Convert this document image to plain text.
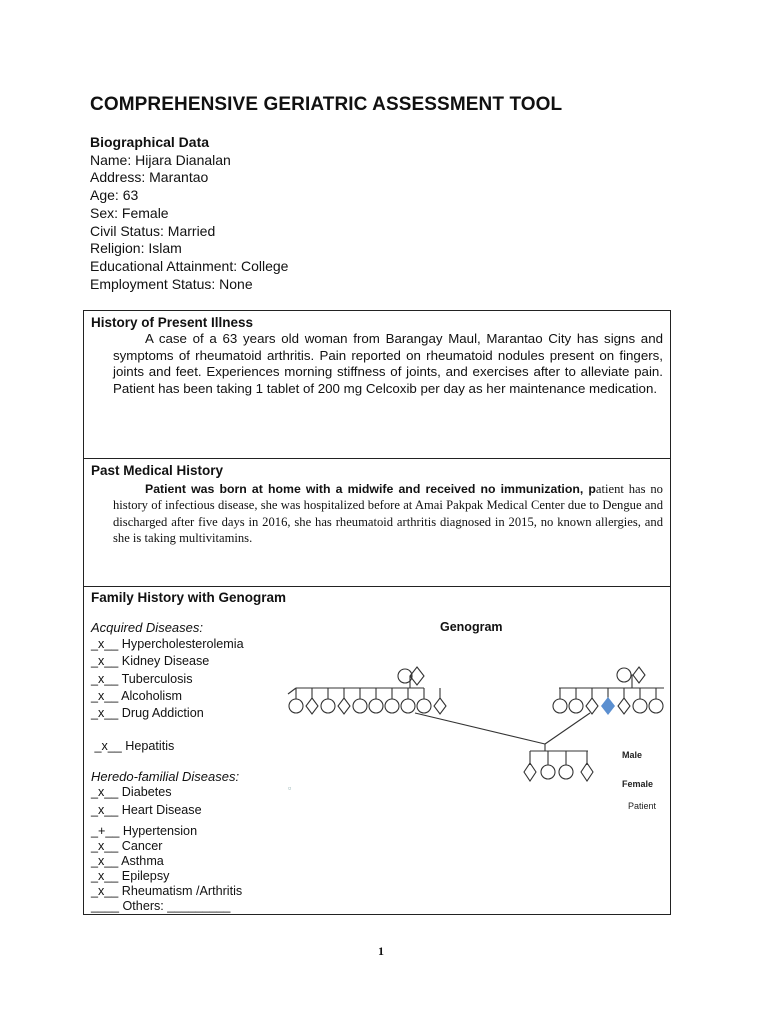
COMPREHENSIVE GERIATRIC ASSESSMENT TOOL
Biographical Data
Name: Hijara Dianalan
Address: Marantao
Age: 63
Sex: Female
Civil Status: Married
Religion: Islam
Educational Attainment: College
Employment Status: None
History of Present Illness
A case of a 63 years old woman from Barangay Maul, Marantao City has signs and symptoms of rheumatoid arthritis. Pain reported on rheumatoid nodules present on fingers, joints and feet. Experiences morning stiffness of joints, and exercises after to alleviate pain. Patient has been taking 1 tablet of 200 mg Celcoxib per day as her maintenance medication.
Past Medical History
Patient was born at home with a midwife and received no immunization, patient has no history of infectious disease, she was hospitalized before at Amai Pakpak Medical Center due to Dengue and discharged after five days in 2016, she has rheumatoid arthritis diagnosed in 2015, no known allergies, and she is taking multivitamins.
Family History with Genogram
Acquired Diseases:
_x__ Hypercholesterolemia
_x__ Kidney Disease
_x__ Tuberculosis
_x__ Alcoholism
_x__ Drug Addiction
_x__ Hepatitis
Heredo-familial Diseases:
_x__ Diabetes
_x__ Heart Disease
_+__ Hypertension
_x__ Cancer
_x__ Asthma
_x__ Epilepsy
_x__ Rheumatism /Arthritis
____ Others: _________
Genogram
Male
Female
Patient
▫
1
